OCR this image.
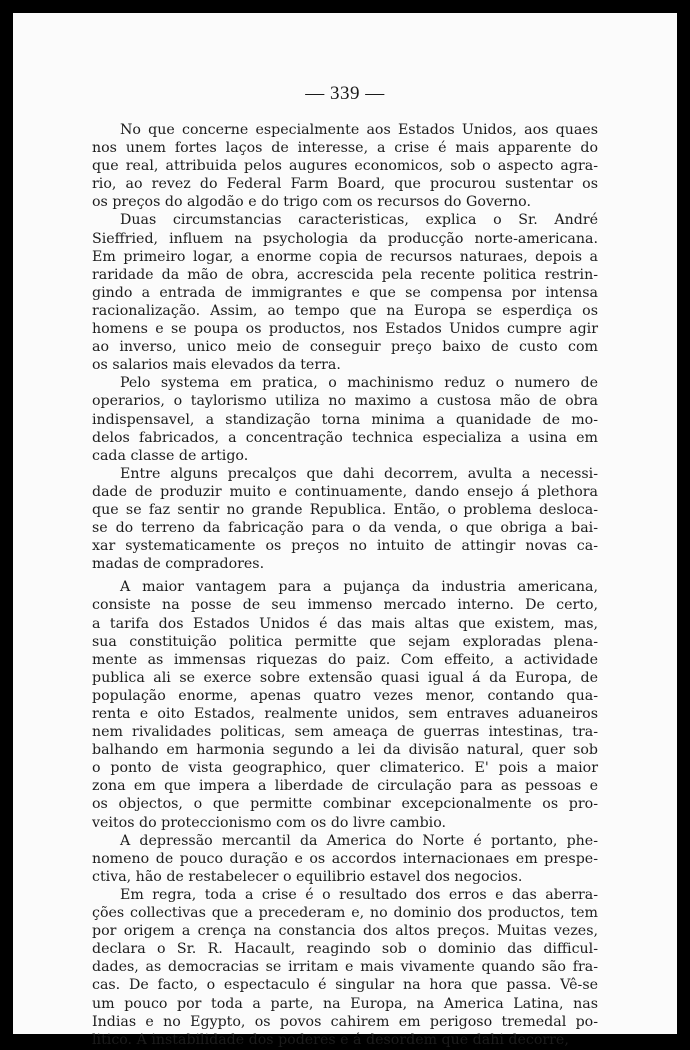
— 339 —
No que concerne especialmente aos Estados Unidos, aos quaes
nos unem fortes laços de interesse, a crise é mais apparente do
que real, attribuida pelos augures economicos, sob o aspecto agra-
rio, ao revez do Federal Farm Board, que procurou sustentar os
os preços do algodão e do trigo com os recursos do Governo.
Duas circumstancias caracteristicas, explica o Sr. André
Sieffried, influem na psychologia da producção norte-americana.
Em primeiro logar, a enorme copia de recursos naturaes, depois a
raridade da mão de obra, accrescida pela recente politica restrin-
gindo a entrada de immigrantes e que se compensa por intensa
racionalização. Assim, ao tempo que na Europa se esperdiça os
homens e se poupa os productos, nos Estados Unidos cumpre agir
ao inverso, unico meio de conseguir preço baixo de custo com
os salarios mais elevados da terra.
Pelo systema em pratica, o machinismo reduz o numero de
operarios, o taylorismo utiliza no maximo a custosa mão de obra
indispensavel, a standização torna minima a quanidade de mo-
delos fabricados, a concentração technica especializa a usina em
cada classe de artigo.
Entre alguns precalços que dahi decorrem, avulta a necessi-
dade de produzir muito e continuamente, dando ensejo á plethora
que se faz sentir no grande Republica. Então, o problema desloca-
se do terreno da fabricação para o da venda, o que obriga a bai-
xar systematicamente os preços no intuito de attingir novas ca-
madas de compradores.
A maior vantagem para a pujança da industria americana,
consiste na posse de seu immenso mercado interno. De certo,
a tarifa dos Estados Unidos é das mais altas que existem, mas,
sua constituição politica permitte que sejam exploradas plena-
mente as immensas riquezas do paiz. Com effeito, a actividade
publica ali se exerce sobre extensão quasi igual á da Europa, de
população enorme, apenas quatro vezes menor, contando qua-
renta e oito Estados, realmente unidos, sem entraves aduaneiros
nem rivalidades politicas, sem ameaça de guerras intestinas, tra-
balhando em harmonia segundo a lei da divisão natural, quer sob
o ponto de vista geographico, quer climaterico. E' pois a maior
zona em que impera a liberdade de circulação para as pessoas e
os objectos, o que permitte combinar excepcionalmente os pro-
veitos do proteccionismo com os do livre cambio.
A depressão mercantil da America do Norte é portanto, phe-
nomeno de pouco duração e os accordos internacionaes em prespe-
ctiva, hão de restabelecer o equilibrio estavel dos negocios.
Em regra, toda a crise é o resultado dos erros e das aberra-
ções collectivas que a precederam e, no dominio dos productos, tem
por origem a crença na constancia dos altos preços. Muitas vezes,
declara o Sr. R. Hacault, reagindo sob o dominio das difficul-
dades, as democracias se irritam e mais vivamente quando são fra-
cas. De facto, o espectaculo é singular na hora que passa. Vê-se
um pouco por toda a parte, na Europa, na America Latina, nas
Indias e no Egypto, os povos cahirem em perigoso tremedal po-
litico. A instabilidade dos poderes e á desordem que dahi decorre,
